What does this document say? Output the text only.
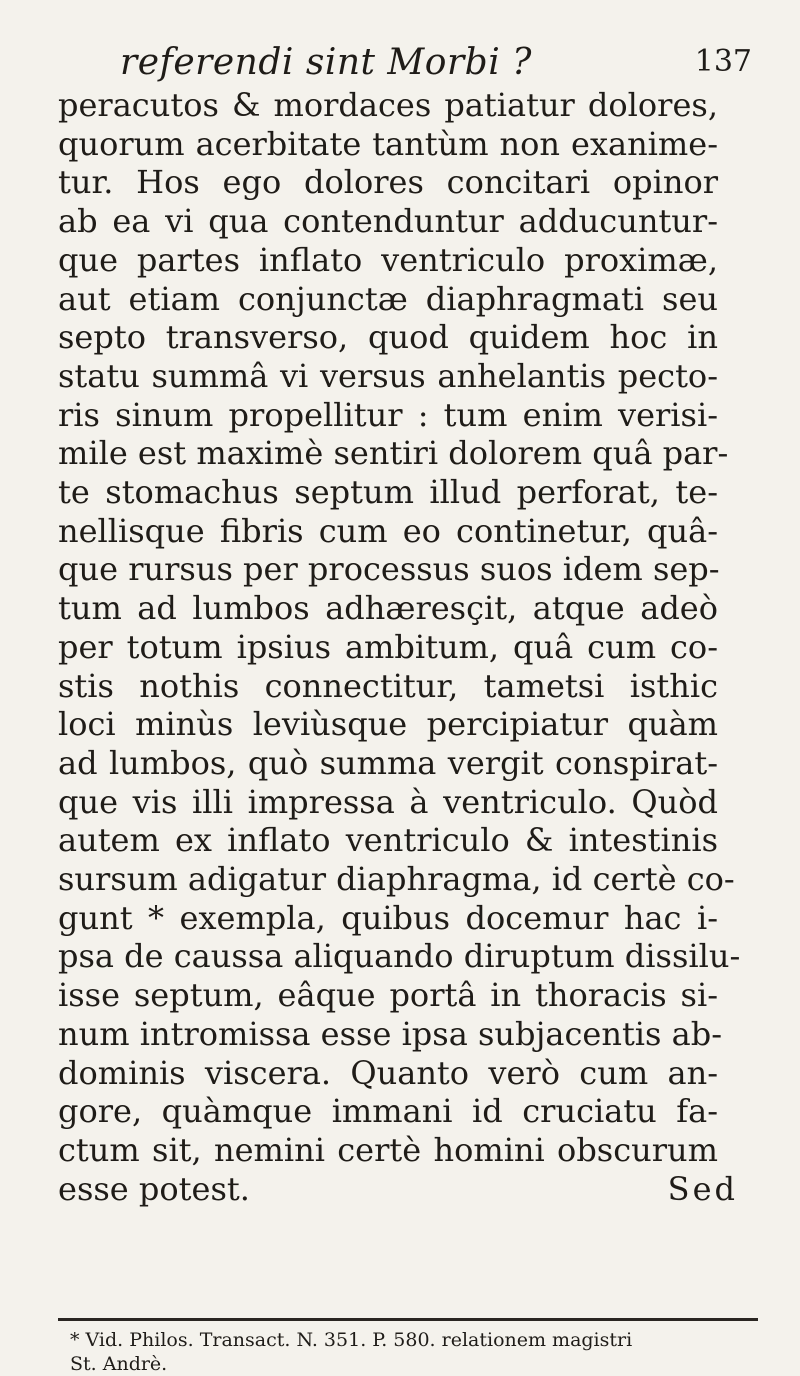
referendi sint Morbi ?	137
peracutos & mordaces patiatur dolores,
quorum acerbitate tantùm non exanime-
tur. Hos ego dolores concitari opinor
ab ea vi qua contenduntur adducuntur-
que partes inflato ventriculo proximæ,
aut etiam conjunctæ diaphragmati seu
septo transverso, quod quidem hoc in
statu summâ vi versus anhelantis pecto-
ris sinum propellitur : tum enim verisi-
mile est maximè sentiri dolorem quâ par-
te stomachus septum illud perforat, te-
nellisque fibris cum eo continetur, quâ-
que rursus per processus suos idem sep-
tum ad lumbos adhæresçit, atque adeò
per totum ipsius ambitum, quâ cum co-
stis nothis connectitur, tametsi isthic
loci minùs leviùsque percipiatur quàm
ad lumbos, quò summa vergit conspirat-
que vis illi impressa à ventriculo. Quòd
autem ex inflato ventriculo & intestinis
sursum adigatur diaphragma, id certè co-
gunt * exempla, quibus docemur hac i-
psa de caussa aliquando diruptum dissilu-
isse septum, eâque portâ in thoracis si-
num intromissa esse ipsa subjacentis ab-
dominis viscera. Quanto verò cum an-
gore, quàmque immani id cruciatu fa-
ctum sit, nemini certè homini obscurum
esse potest.	Sed

* Vid. Philos. Transact. N. 351. P. 580. relationem magistri

St. Andrè.
